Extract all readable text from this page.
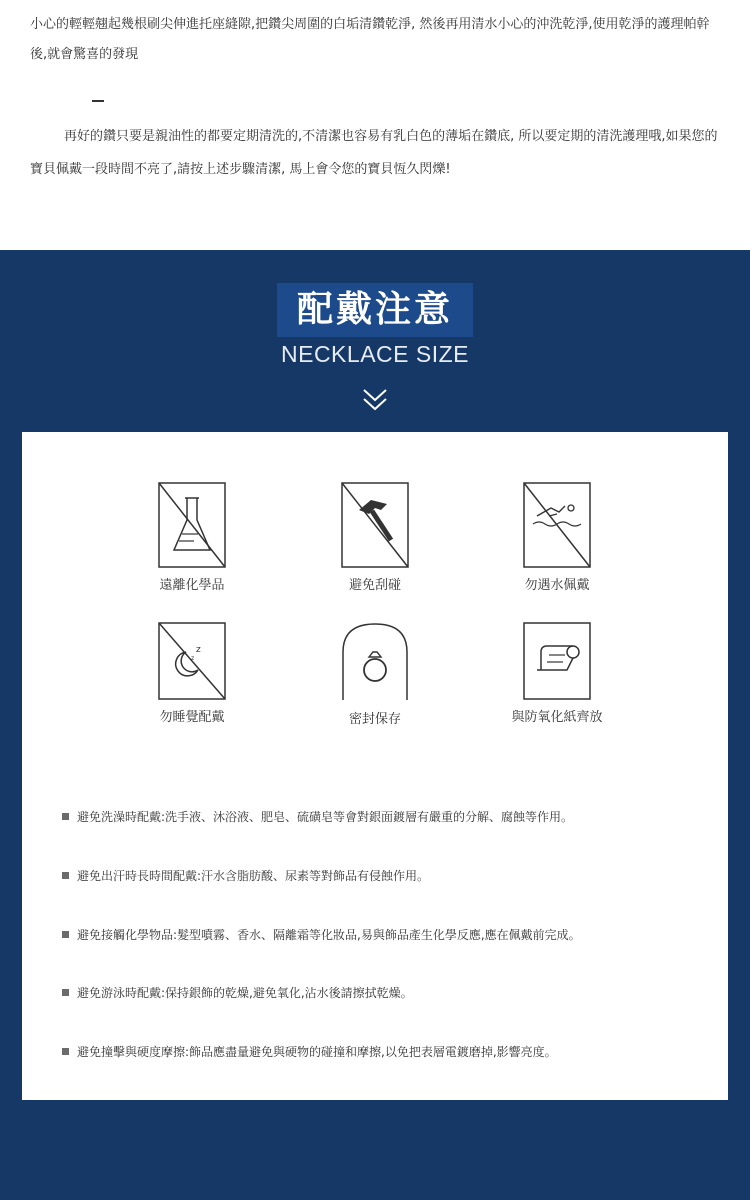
小心的輕輕翹起幾根刷尖伸進托座縫隙,把鑽尖周圍的白垢清鑽乾淨, 然後再用清水小心的沖洗乾淨,使用乾淨的護理帕幹後,就會驚喜的發現

再好的鑽只要是親油性的都要定期清洗的,不清潔也容易有乳白色的薄垢在鑽底, 所以要定期的清洗護理哦,如果您的寶貝佩戴一段時間不亮了,請按上述步驟清潔, 馬上會令您的寶貝恆久閃爍!

配戴注意
NECKLACE SIZE
遠離化學品	避免刮碰	勿遇水佩戴
z
z
勿睡覺配戴	密封保存	與防氧化紙齊放
避免洗澡時配戴:洗手液、沐浴液、肥皂、硫磺皂等會對銀面鍍層有嚴重的分解、腐蝕等作用。
避免出汗時長時間配戴:汗水含脂肪酸、尿素等對飾品有侵蝕作用。
避免接觸化學物品:髮型噴霧、香水、隔離霜等化妝品,易與飾品產生化學反應,應在佩戴前完成。
避免游泳時配戴:保持銀飾的乾燥,避免氧化,沾水後請擦拭乾燥。
避免撞擊與硬度摩擦:飾品應盡量避免與硬物的碰撞和摩擦,以免把表層電鍍磨掉,影響亮度。
